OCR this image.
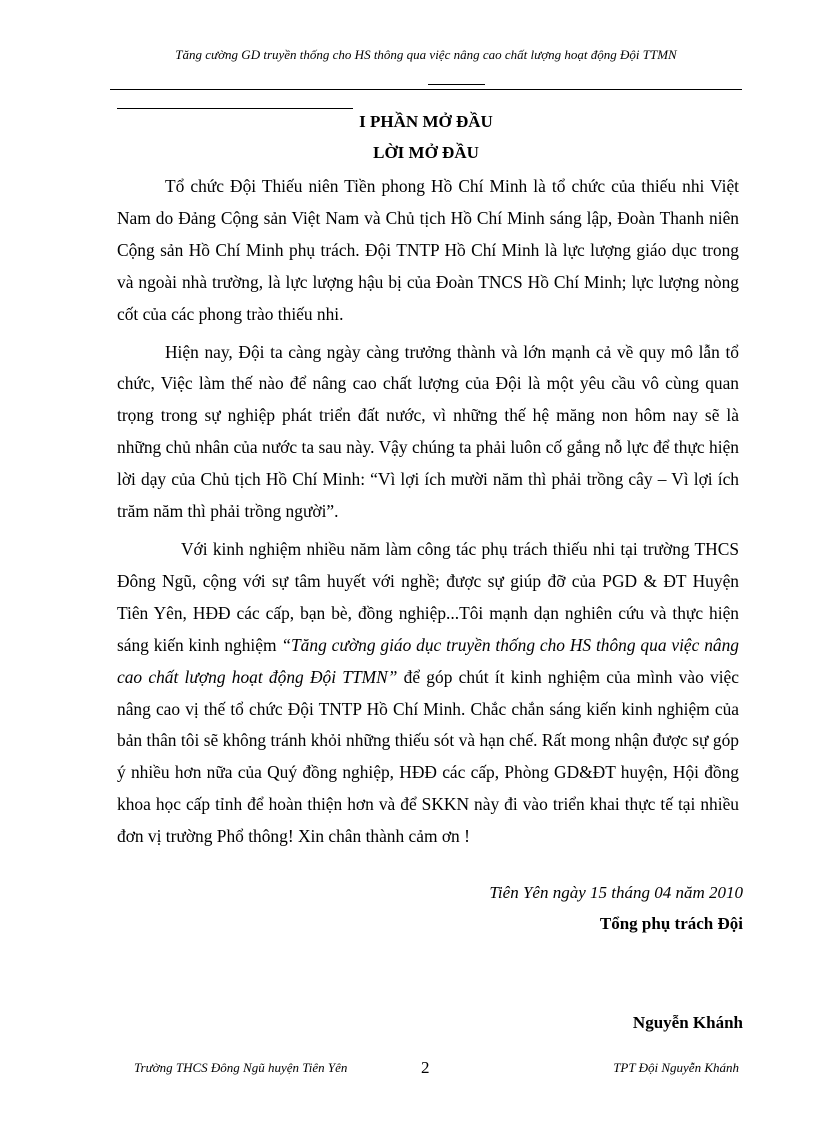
Tăng cường GD truyền thống cho HS thông qua việc nâng cao chất lượng hoạt động Đội TTMN
I PHẦN MỞ ĐẦU
LỜI MỞ ĐẦU

Tổ chức Đội Thiếu niên Tiền phong Hồ Chí Minh là tổ chức của thiếu nhi Việt Nam do Đảng Cộng sản Việt Nam và Chủ tịch Hồ Chí Minh sáng lập, Đoàn Thanh niên Cộng sản Hồ Chí Minh phụ trách. Đội TNTP Hồ Chí Minh là lực lượng giáo dục trong và ngoài nhà trường, là lực lượng hậu bị của Đoàn TNCS Hồ Chí Minh; lực lượng nòng cốt của các phong trào thiếu nhi.

Hiện nay, Đội ta càng ngày càng trưởng thành và lớn mạnh cả về quy mô lẫn tổ chức, Việc làm thế nào để nâng cao chất lượng của Đội là một yêu cầu vô cùng quan trọng trong sự nghiệp phát triển đất nước, vì những thế hệ măng non hôm nay sẽ là những chủ nhân của nước ta sau này. Vậy chúng ta phải luôn cố gắng nỗ lực để thực hiện lời dạy của Chủ tịch Hồ Chí Minh: “Vì lợi ích mười năm thì phải trồng cây – Vì lợi ích trăm năm thì phải trồng người”.

Với kinh nghiệm nhiều năm làm công tác phụ trách thiếu nhi tại trường THCS Đông Ngũ, cộng với sự tâm huyết với nghề; được sự giúp đỡ của PGD & ĐT Huyện Tiên Yên, HĐĐ các cấp, bạn bè, đồng nghiệp...Tôi mạnh dạn nghiên cứu và thực hiện sáng kiến kinh nghiệm “Tăng cường giáo dục truyền thống cho HS thông qua việc nâng cao chất lượng hoạt động Đội TTMN” để góp chút ít kinh nghiệm của mình vào việc nâng cao vị thế tổ chức Đội TNTP Hồ Chí Minh. Chắc chắn sáng kiến kinh nghiệm của bản thân tôi sẽ không tránh khỏi những thiếu sót và hạn chế. Rất mong nhận được sự góp ý nhiều hơn nữa của Quý đồng nghiệp, HĐĐ các cấp, Phòng GD&ĐT huyện, Hội đồng khoa học cấp tỉnh để hoàn thiện hơn và để SKKN này đi vào triển khai thực tế tại nhiều đơn vị trường Phổ thông! Xin chân thành cảm ơn !

Tiên Yên ngày 15 tháng 04 năm 2010
Tổng phụ trách Đội
Nguyễn Khánh
Trường THCS Đông Ngũ huyện Tiên Yên	2	TPT Đội Nguyễn Khánh
